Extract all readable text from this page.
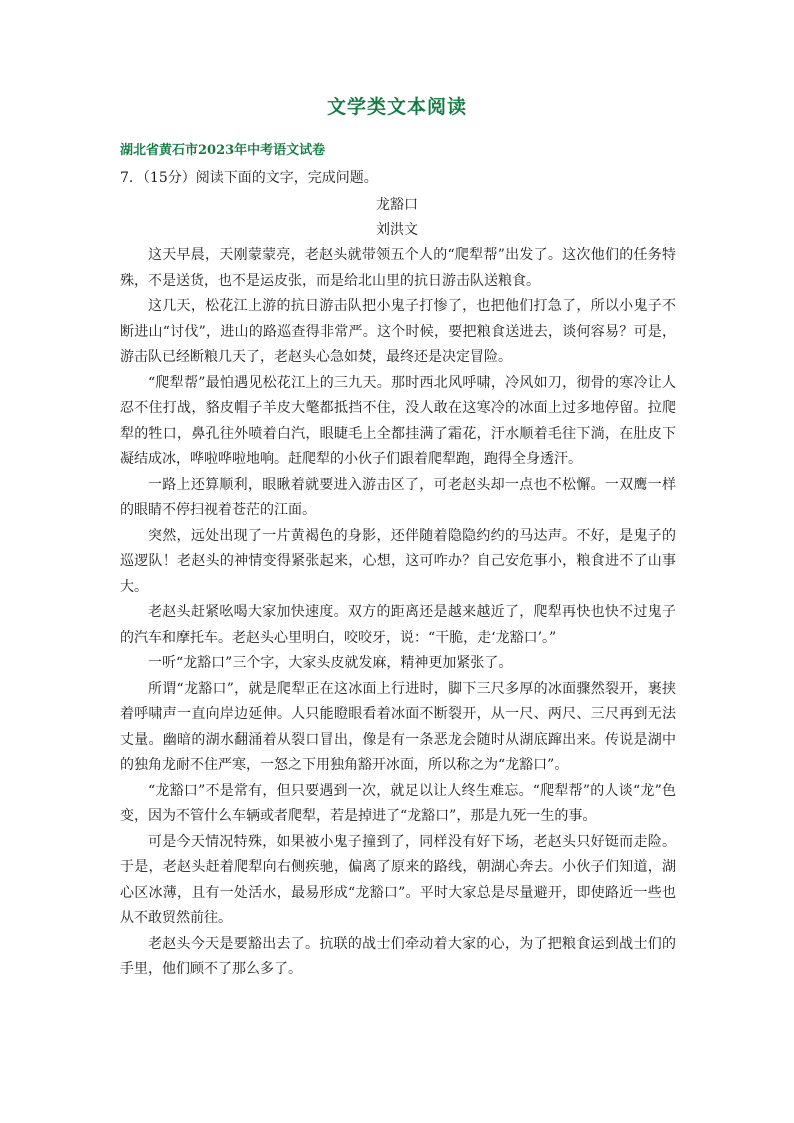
文学类文本阅读
湖北省黄石市2023年中考语文试卷
7．（15分）阅读下面的文字，完成问题。
龙豁口
刘洪文

这天早晨，天刚蒙蒙亮，老赵头就带领五个人的“爬犁帮”出发了。这次他们的任务特殊，不是送货，也不是运皮张，而是给北山里的抗日游击队送粮食。

这几天，松花江上游的抗日游击队把小鬼子打惨了，也把他们打急了，所以小鬼子不断进山“讨伐”，进山的路巡查得非常严。这个时候，要把粮食送进去，谈何容易？可是，游击队已经断粮几天了，老赵头心急如焚，最终还是决定冒险。

“爬犁帮”最怕遇见松花江上的三九天。那时西北风呼啸，冷风如刀，彻骨的寒冷让人忍不住打战，貉皮帽子羊皮大氅都抵挡不住，没人敢在这寒冷的冰面上过多地停留。拉爬犁的牲口，鼻孔往外喷着白汽，眼睫毛上全都挂满了霜花，汗水顺着毛往下淌，在肚皮下凝结成冰，哗啦哗啦地响。赶爬犁的小伙子们跟着爬犁跑，跑得全身透汗。

一路上还算顺利，眼瞅着就要进入游击区了，可老赵头却一点也不松懈。一双鹰一样的眼睛不停扫视着苍茫的江面。

突然，远处出现了一片黄褐色的身影，还伴随着隐隐约约的马达声。不好，是鬼子的巡逻队！老赵头的神情变得紧张起来，心想，这可咋办？自己安危事小，粮食进不了山事大。

老赵头赶紧吆喝大家加快速度。双方的距离还是越来越近了，爬犁再快也快不过鬼子的汽车和摩托车。老赵头心里明白，咬咬牙，说：“干脆，走‘龙豁口’。”

一听“龙豁口”三个字，大家头皮就发麻，精神更加紧张了。

所谓“龙豁口”，就是爬犁正在这冰面上行进时，脚下三尺多厚的冰面骤然裂开，裹挟着呼啸声一直向岸边延伸。人只能瞪眼看着冰面不断裂开，从一尺、两尺、三尺再到无法丈量。幽暗的湖水翻涌着从裂口冒出，像是有一条恶龙会随时从湖底蹿出来。传说是湖中的独角龙耐不住严寒，一怒之下用独角豁开冰面，所以称之为“龙豁口”。

“龙豁口”不是常有，但只要遇到一次，就足以让人终生难忘。“爬犁帮”的人谈“龙”色变，因为不管什么车辆或者爬犁，若是掉进了“龙豁口”，那是九死一生的事。

可是今天情况特殊，如果被小鬼子撞到了，同样没有好下场，老赵头只好铤而走险。于是，老赵头赶着爬犁向右侧疾驰，偏离了原来的路线，朝湖心奔去。小伙子们知道，湖心区冰薄，且有一处活水，最易形成“龙豁口”。平时大家总是尽量避开，即使路近一些也从不敢贸然前往。

老赵头今天是要豁出去了。抗联的战士们牵动着大家的心，为了把粮食运到战士们的手里，他们顾不了那么多了。
